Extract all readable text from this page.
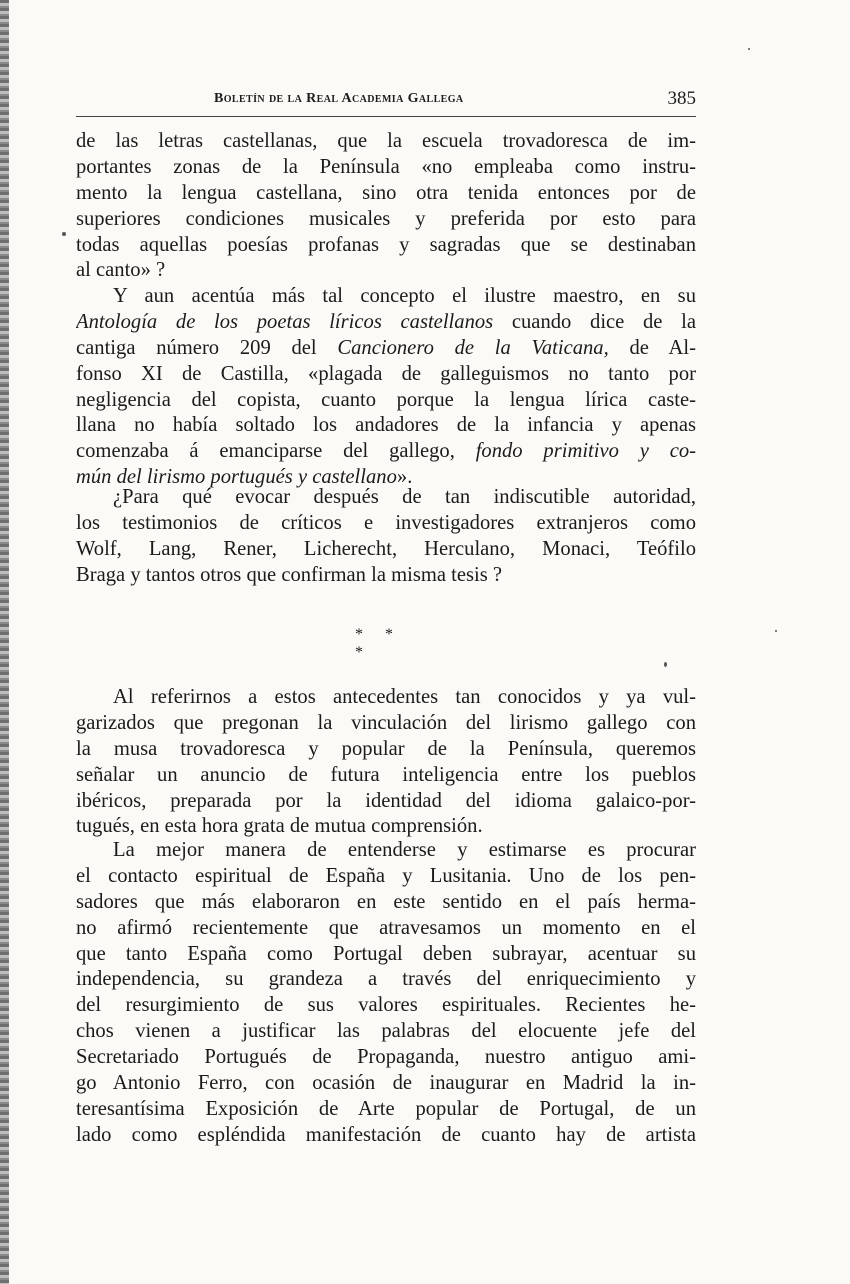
Boletín de la Real Academia Gallega	385
de las letras castellanas, que la escuela trovadoresca de im-
portantes zonas de la Península «no empleaba como instru-
mento la lengua castellana, sino otra tenida entonces por de
superiores condiciones musicales y preferida por esto para
todas aquellas poesías profanas y sagradas que se destinaban
al canto» ?
Y aun acentúa más tal concepto el ilustre maestro, en su
Antología de los poetas líricos castellanos cuando dice de la
cantiga número 209 del Cancionero de la Vaticana, de Al-
fonso XI de Castilla, «plagada de galleguismos no tanto por
negligencia del copista, cuanto porque la lengua lírica caste-
llana no había soltado los andadores de la infancia y apenas
comenzaba á emanciparse del gallego, fondo primitivo y co-
mún del lirismo portugués y castellano».
¿Para qué evocar después de tan indiscutible autoridad,
los testimonios de críticos e investigadores extranjeros como
Wolf, Lang, Rener, Licherecht, Herculano, Monaci, Teófilo
Braga y tantos otros que confirman la misma tesis ?
* * *
Al referirnos a estos antecedentes tan conocidos y ya vul-
garizados que pregonan la vinculación del lirismo gallego con
la musa trovadoresca y popular de la Península, queremos
señalar un anuncio de futura inteligencia entre los pueblos
ibéricos, preparada por la identidad del idioma galaico-por-
tugués, en esta hora grata de mutua comprensión.
La mejor manera de entenderse y estimarse es procurar
el contacto espiritual de España y Lusitania. Uno de los pen-
sadores que más elaboraron en este sentido en el país herma-
no afirmó recientemente que atravesamos un momento en el
que tanto España como Portugal deben subrayar, acentuar su
independencia, su grandeza a través del enriquecimiento y
del resurgimiento de sus valores espirituales. Recientes he-
chos vienen a justificar las palabras del elocuente jefe del
Secretariado Portugués de Propaganda, nuestro antiguo ami-
go Antonio Ferro, con ocasión de inaugurar en Madrid la in-
teresantísima Exposición de Arte popular de Portugal, de un
lado como espléndida manifestación de cuanto hay de artista
